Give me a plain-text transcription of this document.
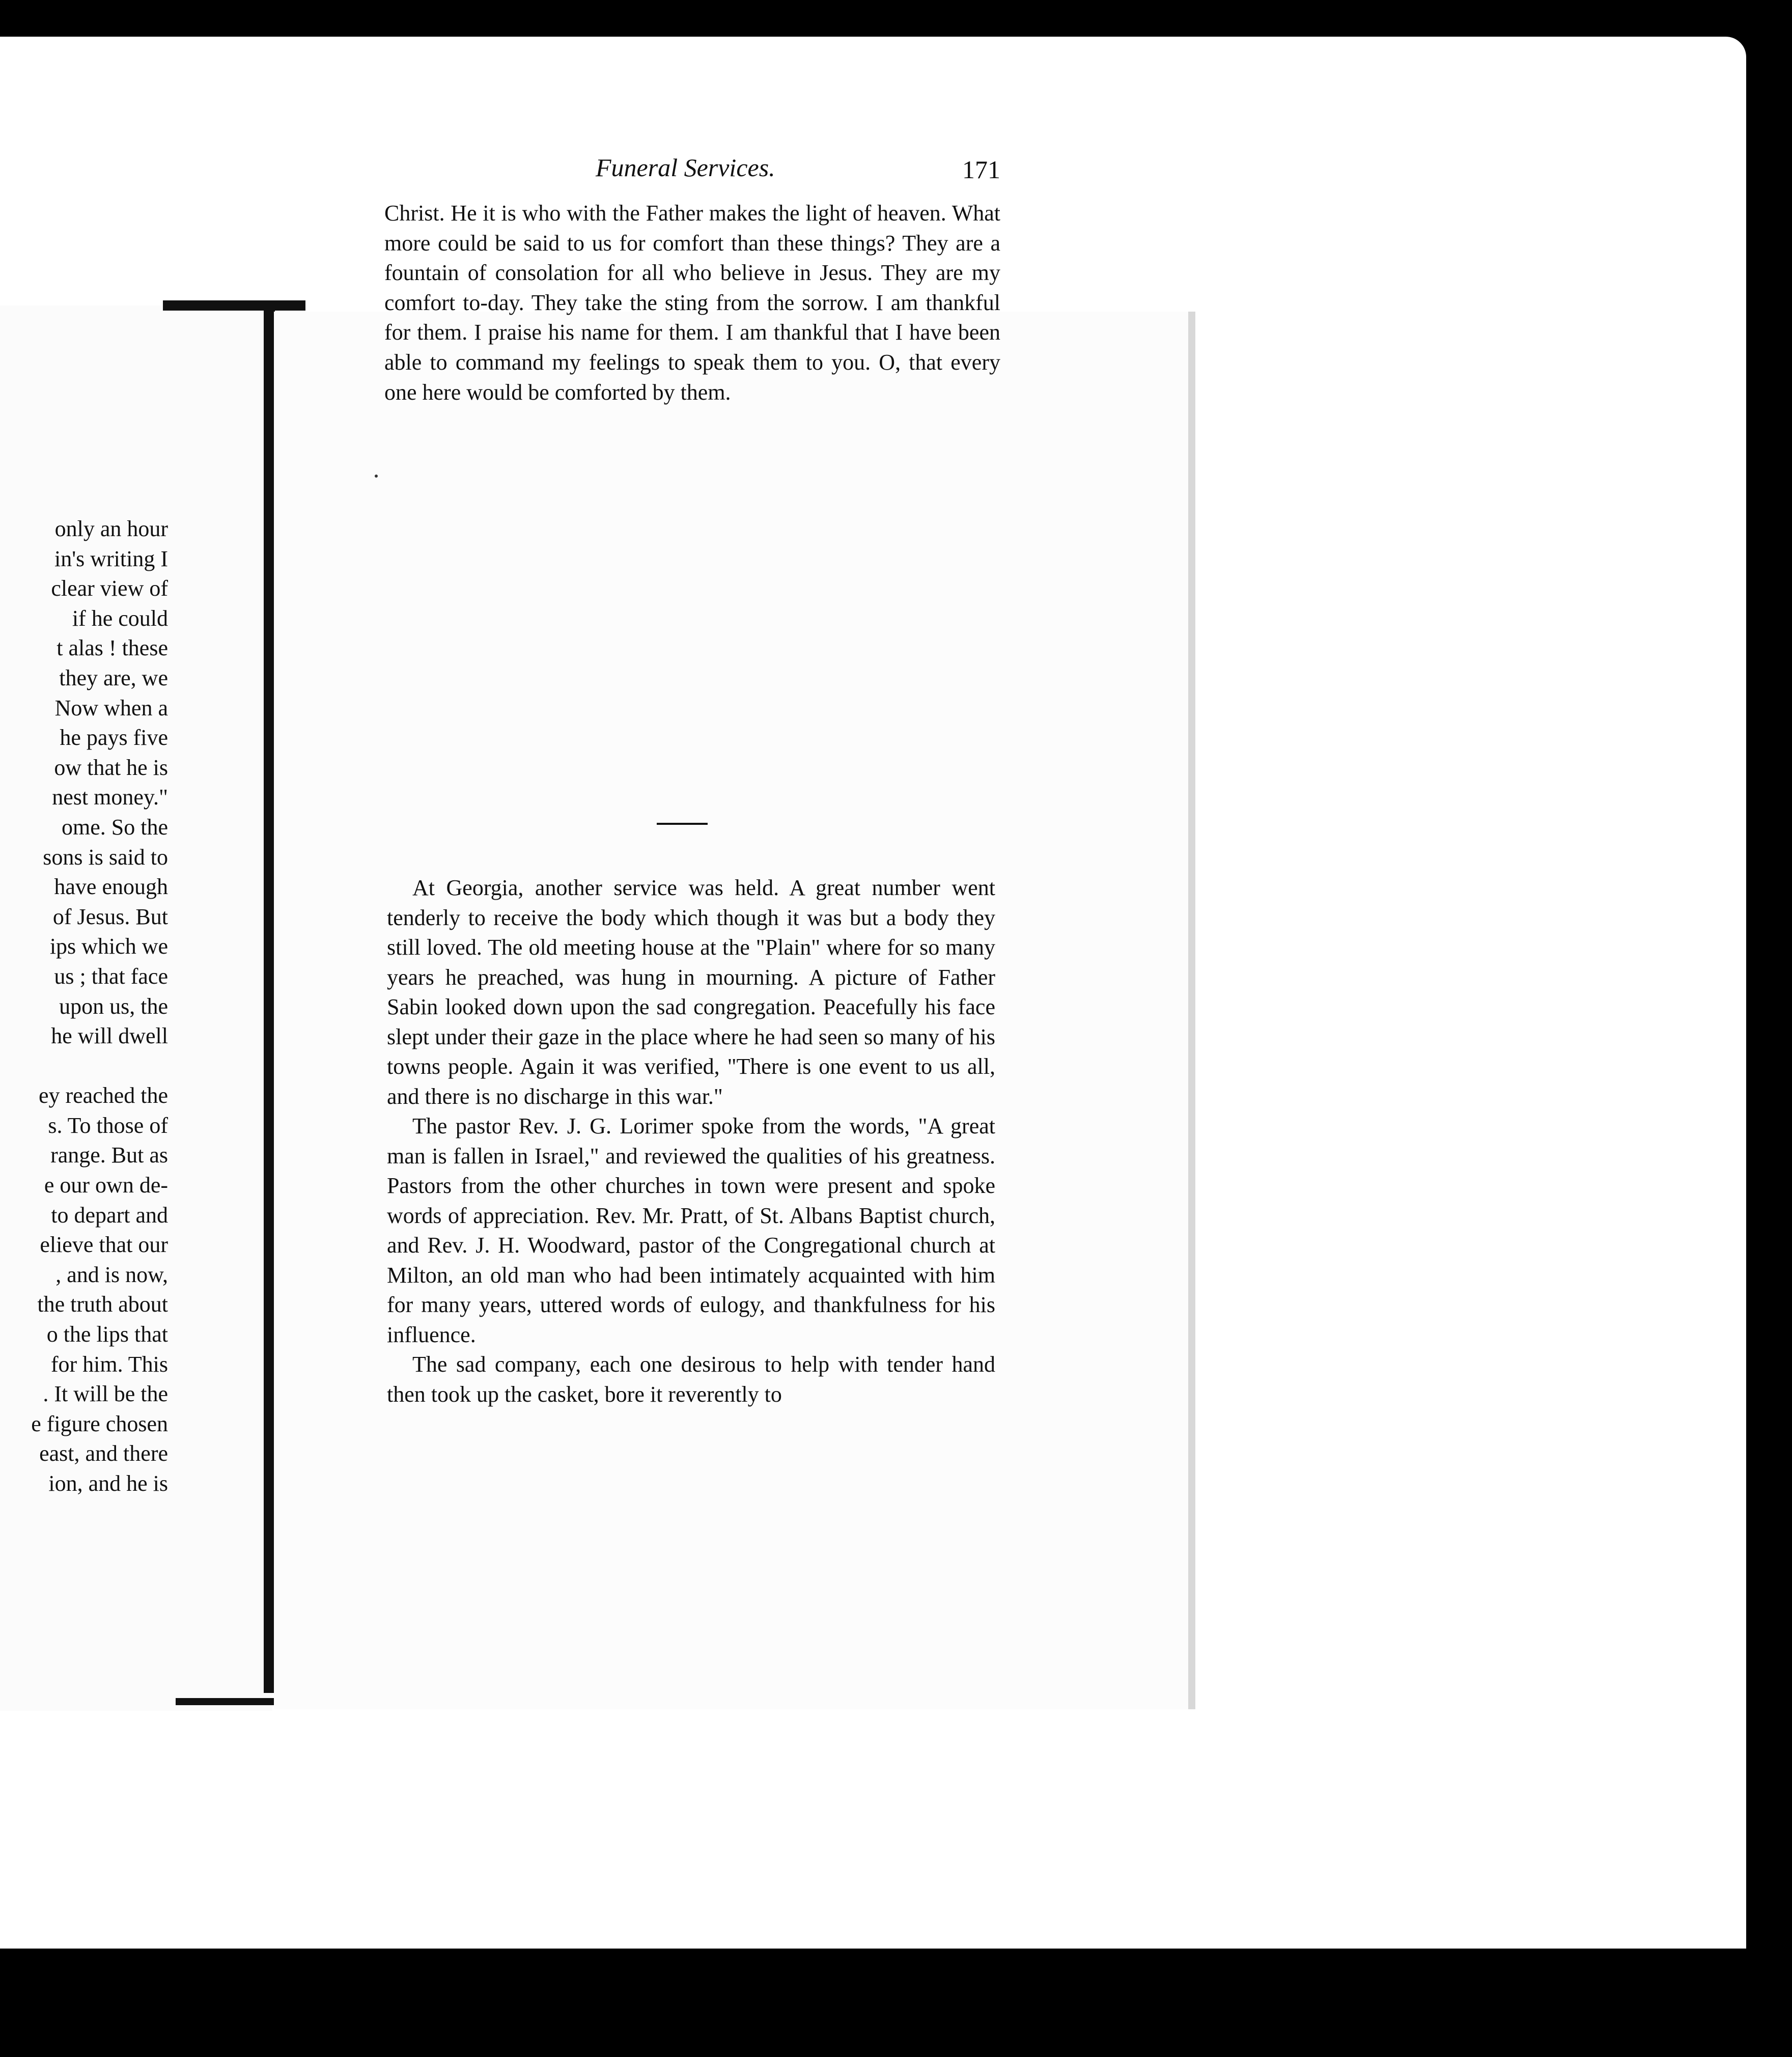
only an hour
in's writing I
clear view of
if he could
t alas ! these
they are, we
Now when a
he pays five
ow that he is
nest money."
ome. So the
sons is said to
have enough
of Jesus. But
ips which we
us ; that face
upon us, the
he will dwell
ey reached the
s. To those of
range. But as
e our own de-
to depart and
elieve that our
, and is now,
the truth about
o the lips that
for him. This
. It will be the
e figure chosen
east, and there
ion, and he is
Funeral Services.	171

Christ. He it is who with the Father makes the light of heaven. What more could be said to us for comfort than these things? They are a fountain of consolation for all who believe in Jesus. They are my comfort to-day. They take the sting from the sorrow. I am thankful for them. I praise his name for them. I am thankful that I have been able to command my feelings to speak them to you. O, that every one here would be comforted by them.

At Georgia, another service was held. A great number went tenderly to receive the body which though it was but a body they still loved. The old meeting house at the "Plain" where for so many years he preached, was hung in mourning. A picture of Father Sabin looked down upon the sad congregation. Peacefully his face slept under their gaze in the place where he had seen so many of his towns people. Again it was verified, "There is one event to us all, and there is no discharge in this war."

The pastor Rev. J. G. Lorimer spoke from the words, "A great man is fallen in Israel," and reviewed the qualities of his greatness. Pastors from the other churches in town were present and spoke words of appreciation. Rev. Mr. Pratt, of St. Albans Baptist church, and Rev. J. H. Woodward, pastor of the Congregational church at Milton, an old man who had been intimately acquainted with him for many years, uttered words of eulogy, and thankfulness for his influence.

The sad company, each one desirous to help with tender hand then took up the casket, bore it reverently to
